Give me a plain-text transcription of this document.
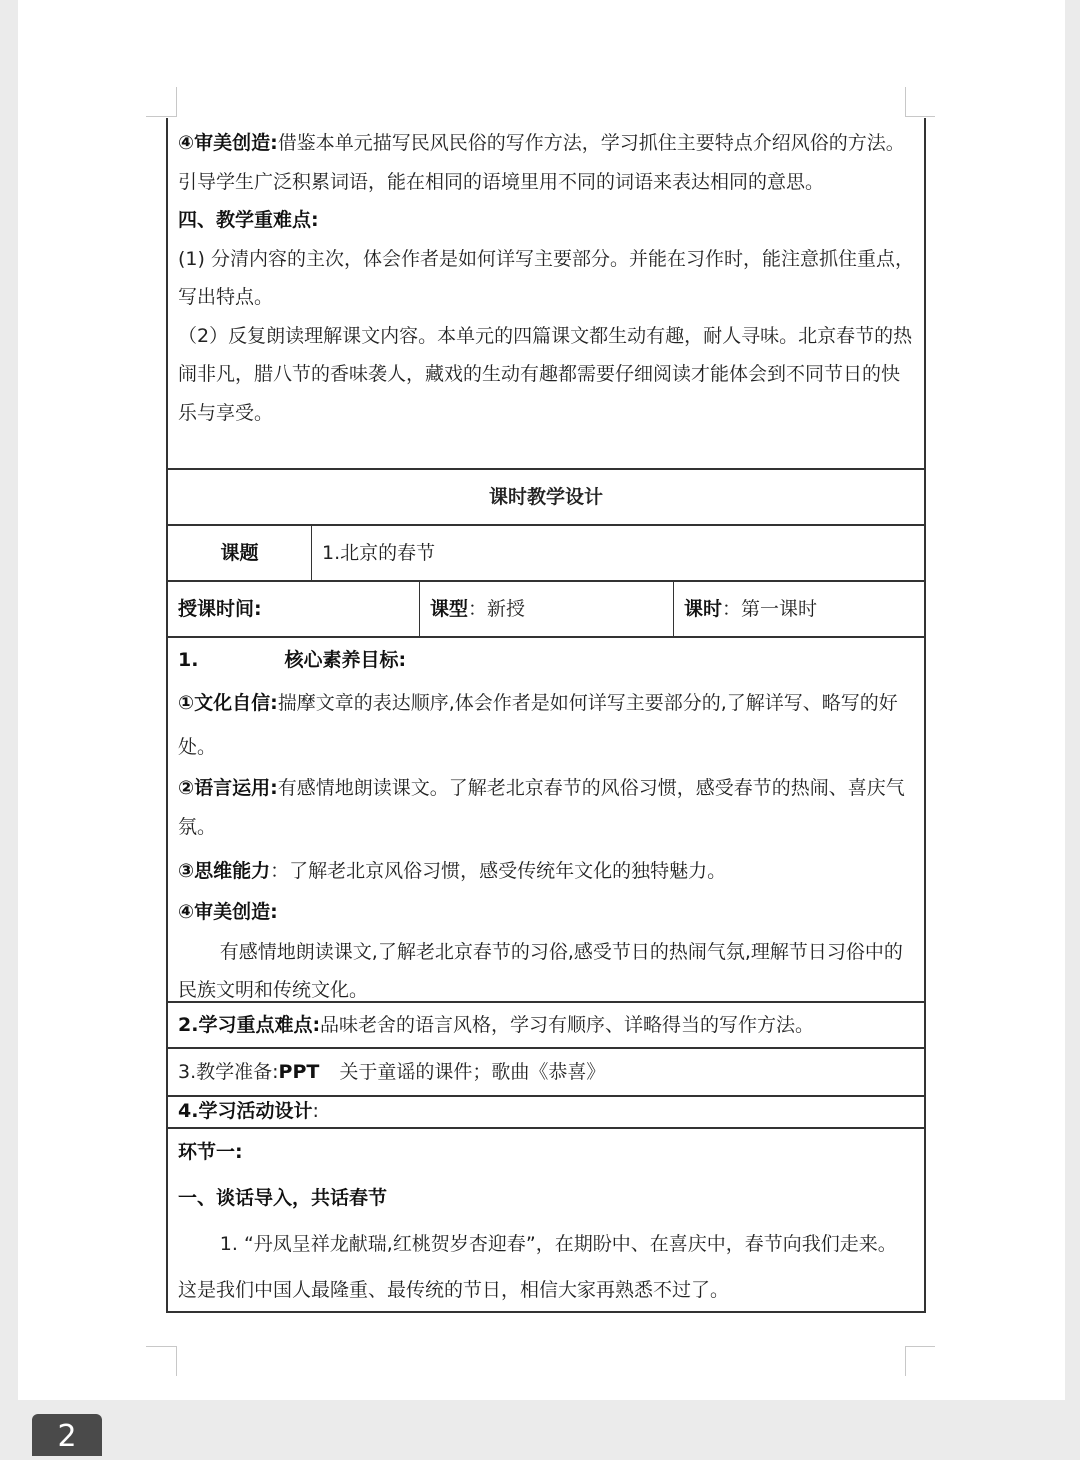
④审美创造:借鉴本单元描写民风民俗的写作方法，学习抓住主要特点介绍风俗的方法。引导学生广泛积累词语，能在相同的语境里用不同的词语来表达相同的意思。

四、教学重难点:

(1) 分清内容的主次，体会作者是如何详写主要部分。并能在习作时，能注意抓住重点，写出特点。

（2）反复朗读理解课文内容。本单元的四篇课文都生动有趣，耐人寻味。北京春节的热闹非凡，腊八节的香味袭人，藏戏的生动有趣都需要仔细阅读才能体会到不同节日的快乐与享受。

课时教学设计
课题	1.北京的春节
授课时间:	课型：新授	课时：第一课时

1.	核心素养目标:

①文化自信:揣摩文章的表达顺序,体会作者是如何详写主要部分的,了解详写、略写的好处。

②语言运用:有感情地朗读课文。了解老北京春节的风俗习惯，感受春节的热闹、喜庆气氛。

③思维能力：了解老北京风俗习惯，感受传统年文化的独特魅力。

④审美创造:

有感情地朗读课文,了解老北京春节的习俗,感受节日的热闹气氛,理解节日习俗中的民族文明和传统文化。

2.学习重点难点:品味老舍的语言风格，学习有顺序、详略得当的写作方法。
3.教学准备:PPT 关于童谣的课件；歌曲《恭喜》
4.学习活动设计:

环节一:

一、谈话导入，共话春节

1. “丹凤呈祥龙献瑞,红桃贺岁杏迎春”，在期盼中、在喜庆中，春节向我们走来。这是我们中国人最隆重、最传统的节日，相信大家再熟悉不过了。

2
